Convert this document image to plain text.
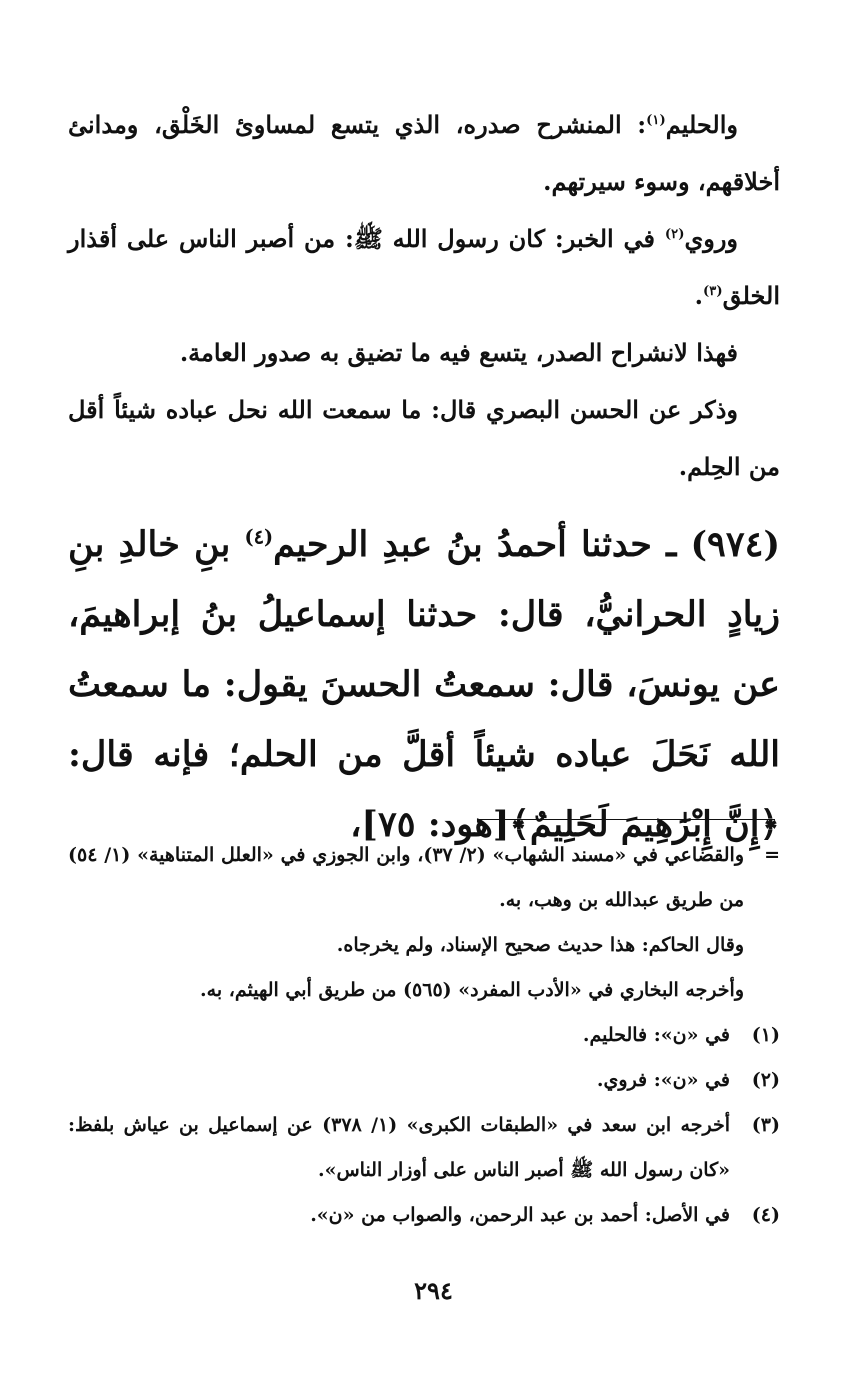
والحليم$^{(١)}$: المنشرح صدره، الذي يتسع لمساوئ الخَلْق، ومدانئ أخلاقهم، وسوء سيرتهم.

وروي$^{(٢)}$ في الخبر: كان رسول الله ﷺ: من أصبر الناس على أقذار الخلق$^{(٣)}$.

فهذا لانشراح الصدر، يتسع فيه ما تضيق به صدور العامة.

وذكر عن الحسن البصري قال: ما سمعت الله نحل عباده شيئاً أقل من الحِلم.

(٩٧٤) ـ حدثنا أحمدُ بنُ عبدِ الرحيم$^{(٤)}$ بنِ خالدِ بنِ زيادٍ الحرانيُّ، قال: حدثنا إسماعيلُ بنُ إبراهيمَ، عن يونسَ، قال: سمعتُ الحسنَ يقول: ما سمعتُ الله نَحَلَ عباده شيئاً أقلَّ من الحلم؛ فإنه قال: ﴿إِنَّ إِبْرَٰهِيمَ لَحَلِيمٌ﴾[هود: ٧٥]،

=
والقضاعي في «مسند الشهاب» (٢/ ٣٧)، وابن الجوزي في «العلل المتناهية» (١/ ٥٤) من طريق عبدالله بن وهب، به.
وقال الحاكم: هذا حديث صحيح الإسناد، ولم يخرجاه.
وأخرجه البخاري في «الأدب المفرد» (٥٦٥) من طريق أبي الهيثم، به.
(١)
في «ن»: فالحليم.
(٢)
في «ن»: فروي.
(٣)
أخرجه ابن سعد في «الطبقات الكبرى» (١/ ٣٧٨) عن إسماعيل بن عياش بلفظ: «كان رسول الله ﷺ أصبر الناس على أوزار الناس».
(٤)
في الأصل: أحمد بن عبد الرحمن، والصواب من «ن».
٢٩٤
